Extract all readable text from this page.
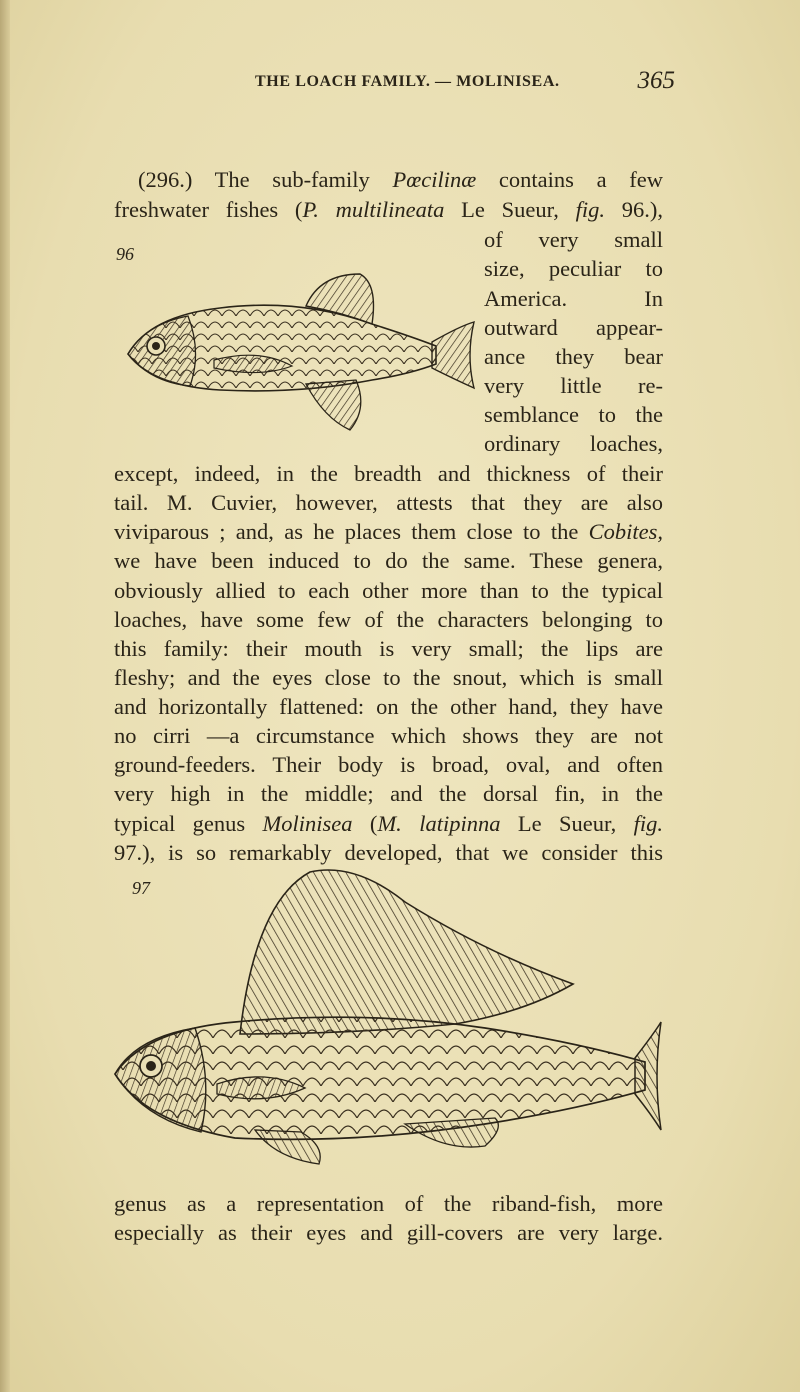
THE LOACH FAMILY. — MOLINISEA.	365
(296.) The sub-family Pœcilinæ contains a few
freshwater fishes (P. multilineata Le Sueur, fig. 96.),
of very small
size, peculiar to
America. In
outward appear-
ance they bear
very little re-
semblance to the
ordinary loaches,
except, indeed, in the breadth and thickness of their
tail. M. Cuvier, however, attests that they are also
viviparous ; and, as he places them close to the Cobites,
we have been induced to do the same. These genera,
obviously allied to each other more than to the typical
loaches, have some few of the characters belonging to
this family: their mouth is very small; the lips are
fleshy; and the eyes close to the snout, which is small
and horizontally flattened: on the other hand, they have
no cirri —a circumstance which shows they are not
ground-feeders. Their body is broad, oval, and often
very high in the middle; and the dorsal fin, in the
typical genus Molinisea (M. latipinna Le Sueur, fig.
97.), is so remarkably developed, that we consider this
genus as a representation of the riband-fish, more
especially as their eyes and gill-covers are very large.
96
97
